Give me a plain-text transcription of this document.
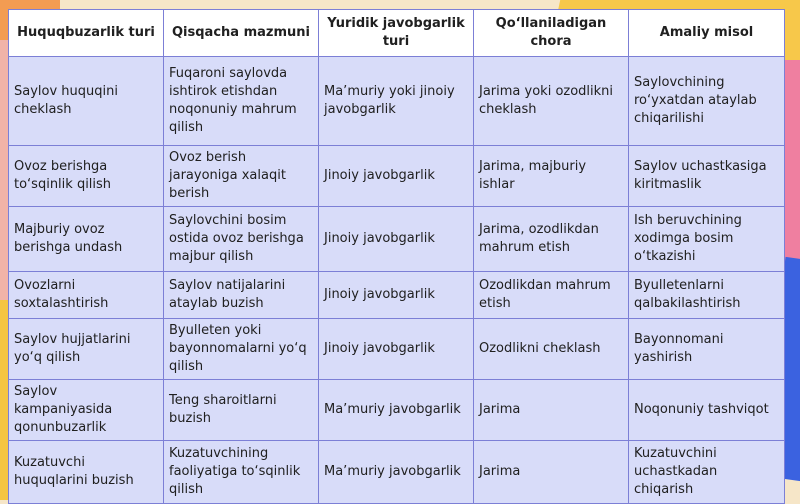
Huquqbuzarlik turi	Qisqacha mazmuni	Yuridik javobgarlik turi	Qo‘llaniladigan chora	Amaliy misol
Saylov huquqini cheklash	Fuqaroni saylovda ishtirok etishdan noqonuniy mahrum qilish	Ma’muriy yoki jinoiy javobgarlik	Jarima yoki ozodlikni cheklash	Saylovchining ro‘yxatdan ataylab chiqarilishi
Ovoz berishga to‘sqinlik qilish	Ovoz berish jarayoniga xalaqit berish	Jinoiy javobgarlik	Jarima, majburiy ishlar	Saylov uchastkasiga kiritmaslik
Majburiy ovoz berishga undash	Saylovchini bosim ostida ovoz berishga majbur qilish	Jinoiy javobgarlik	Jarima, ozodlikdan mahrum etish	Ish beruvchining xodimga bosim o‘tkazishi
Ovozlarni soxtalashtirish	Saylov natijalarini ataylab buzish	Jinoiy javobgarlik	Ozodlikdan mahrum etish	Byulletenlarni qalbakilashtirish
Saylov hujjatlarini yo‘q qilish	Byulleten yoki bayonnomalarni yo‘q qilish	Jinoiy javobgarlik	Ozodlikni cheklash	Bayonnomani yashirish
Saylov kampaniyasida qonunbuzarlik	Teng sharoitlarni buzish	Ma’muriy javobgarlik	Jarima	Noqonuniy tashviqot
Kuzatuvchi huquqlarini buzish	Kuzatuvchining faoliyatiga to‘sqinlik qilish	Ma’muriy javobgarlik	Jarima	Kuzatuvchini uchastkadan chiqarish
